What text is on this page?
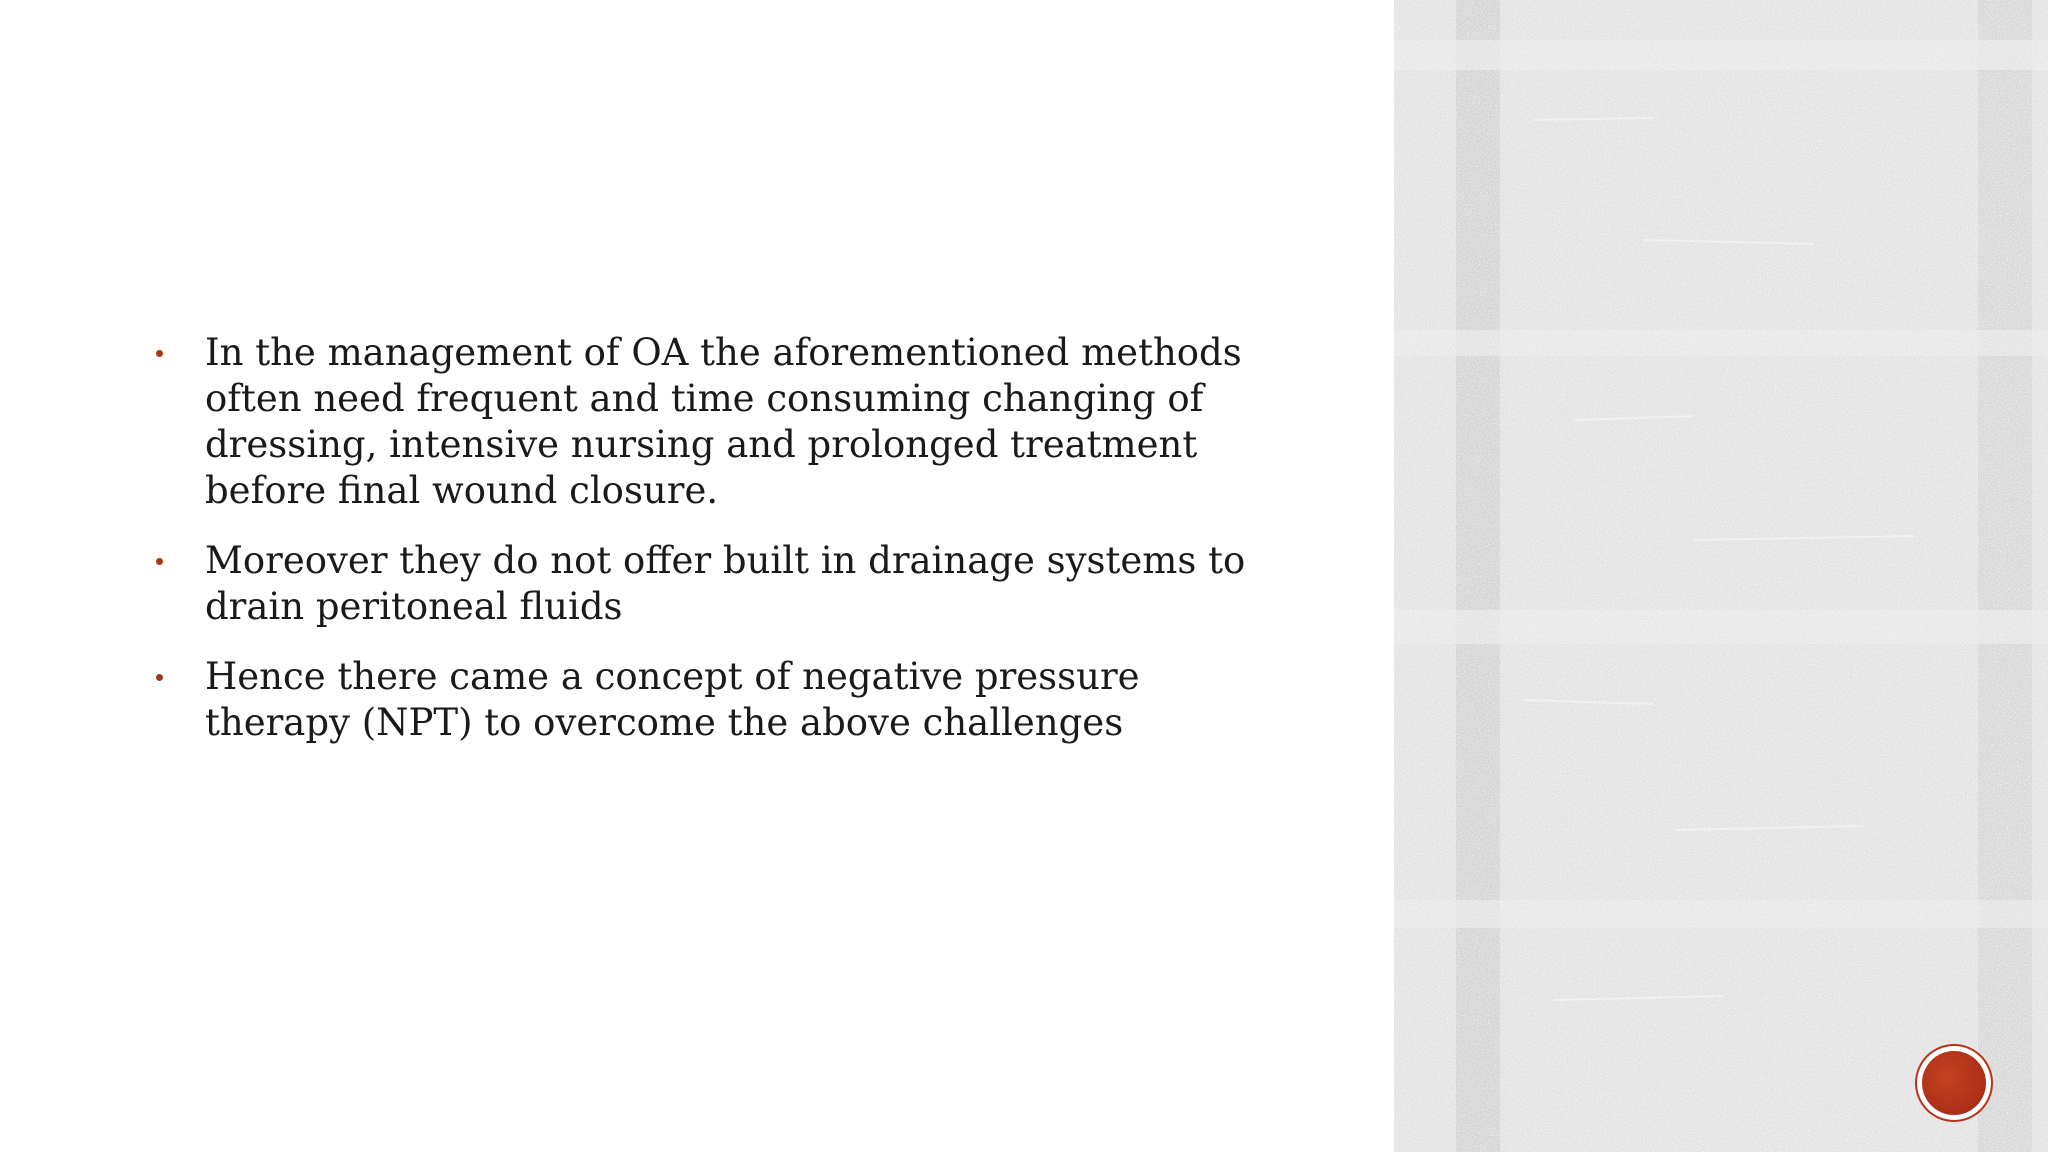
In the management of OA the aforementioned methods often need frequent and time consuming changing of dressing, intensive nursing and prolonged treatment before final wound closure.
Moreover they do not offer built in drainage systems to drain peritoneal fluids
Hence there came a concept of negative pressure therapy (NPT) to overcome the above challenges
